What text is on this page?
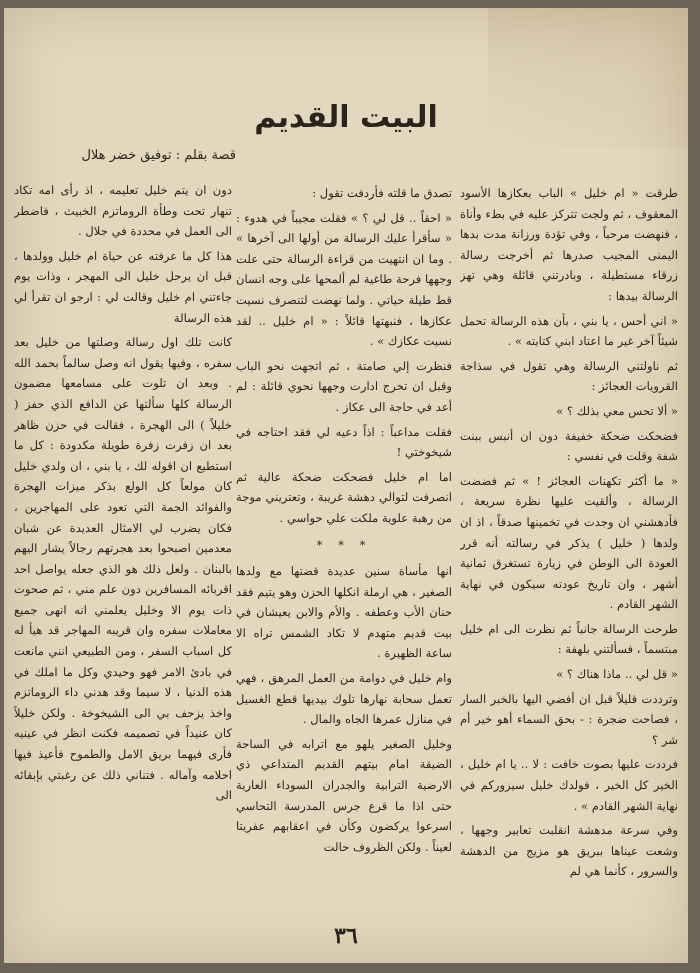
البيت القديم
قصة بقلم : توفيق خضر هلال

طرقت « ام خليل » الباب بعكازها الأسود المعقوف ، ثم ولجت تتركز عليه في بطء وأناة ، فنهضت مرحباً ، وفي تؤدة ورزانة مدت بدها اليمنى المجيب صدرها ثم أخرجت رسالة زرقاء مستطيلة ، وبادرتني قائلة وهي تهز الرسالة بيدها :

« اني أحس ، يا بني ، بأن هذه الرسالة تحمل شيئاً آخر غير ما اعتاد ابني كتابته » .

ثم ناولتني الرسالة وهي تقول في سذاجة القرويات العجائز :

« ألا تحس معي بذلك ؟ »

فضحكت ضحكة خفيفة دون ان أنبس ببنت شفة وقلت في نفسي :

« ما أكثر تكهنات العجائز ! » ثم فضضت الرسالة ، وألقيت عليها نظرة سريعة ، فأدهشني ان وجدت في تخمينها صدقاً ، اذ ان ولدها ( خليل ) يذكر في رسالته أنه قرر العودة الى الوطن في زيارة تستغرق ثمانية أشهر ، وان تاريخ عودته سيكون في نهاية الشهر القادم .

طرحت الرسالة جانباً ثم نظرت الى ام خليل مبتسماً ، فسألتني بلهفة :

« قل لي .. ماذا هناك ؟ »

وترددت قليلاً قبل ان أفضي اليها بالخبر السار ، فصاحت ضجرة : - بحق السماء أهو خير أم شر ؟

فرددت عليها بصوت خافت : لا .. يا ام خليل ، الخير كل الخير ، فولدك خليل سيزوركم في نهاية الشهر القادم » .

وفي سرعة مدهشة انقلبت تعابير وجهها ، وشعت عيناها ببريق هو مزيج من الدهشة والسرور ، كأنما هي لم

تصدق ما قلته فأردفت تقول :

« احقاً .. قل لي ؟ » فقلت مجيباً في هدوء : « سأقرأ عليك الرسالة من أولها الى آخرها » . وما ان انتهيت من قراءة الرسالة حتى علت وجهها فرحة طاغية لم ألمحها على وجه انسان قط طيلة حياتي . ولما نهضت لتنصرف نسيت عكازها ، فنبهتها قائلاً : « ام خليل .. لقد نسيت عكازك » .

فنظرت إلي صامتة ، ثم اتجهت نحو الباب وقبل ان تخرج ادارت وجهها نحوي قائلة : لم أعد في حاجة الى عكاز .

فقلت مداعباً : اذاً دعيه لي فقد احتاجه في شيخوختي !

اما ام خليل فضحكت ضحكة عالية ثم انصرفت لتوالي دهشة غريبة ، وتعتريني موجة من رهبة علوية ملكت علي حواسي .

* * *

انها مأساة سنين عديدة قضتها مع ولدها الصغير ، هي ارملة انكلها الحزن وهو يتيم فقد حنان الأب وعطفه . والأم والابن يعيشان في بيت قديم متهدم لا تكاد الشمس تراه الا ساعة الظهيرة .

وام خليل في دوامة من العمل المرهق ، فهي تعمل سحابة نهارها تلوك بيديها قطع الغسيل في منازل عمرها الجاه والمال .

وخليل الصغير يلهو مع اترابه في الساحة الضيقة امام بيتهم القديم المتداعي ذي الارضية الترابية والجدران السوداء العارية حتى اذا ما قرع جرس المدرسة التحاسي اسرعوا يركضون وكأن في اعقابهم عفريتا لعيناً . ولكن الظروف حالت

دون ان يتم خليل تعليمه ، اذ رأى امه تكاد تنهار تحت وطأة الروماتزم الخبيث ، فاضطر الى العمل في محددة في جلال .

هذا كل ما عرفته عن حياة ام خليل وولدها ، قبل ان يرحل خليل الى المهجر ، وذات يوم جاءتني ام خليل وقالت لي : ارجو ان تقرأ لي هذه الرسالة

كانت تلك اول رسالة وصلتها من خليل بعد سفره ، وفيها يقول انه وصل سالماً بحمد الله . وبعد ان تلوت على مسامعها مضمون الرسالة كلها سألتها عن الدافع الذي حفز ( خليلاً ) الى الهجرة ، فقالت في حزن ظاهر بعد ان زفرت زفرة طويلة مكدودة : كل ما استطيع ان اقوله لك ، يا بني ، ان ولدي خليل كان مولعاً كل الولع بذكر ميزات الهجرة والفوائد الجمة التي تعود على المهاجرين ، فكان يضرب لي الامثال العديدة عن شبان معدمين اصبحوا بعد هجرتهم رجالاً يشار اليهم بالبنان . ولعل ذلك هو الذي جعله يواصل احد اقربائه المسافرين دون علم مني ، ثم صحوت ذات يوم الا وخليل يعلمني انه انهى جميع معاملات سفره وان قريبه المهاجر قد هيأ له كل اسباب السفر ، ومن الطبيعي انني مانعت في بادئ الامر فهو وحيدي وكل ما املك في هذه الدنيا ، لا سيما وقد هدني داء الروماتزم واخذ يزحف بي الى الشيخوخة . ولكن خليلاً كان عنيداً في تصميمه فكنت انظر في عينيه فأرى فيهما بريق الامل والطموح فأعيذ فيها احلامه وآماله . فتناني ذلك عن رغبتي بإبقائه الى

٣٦
